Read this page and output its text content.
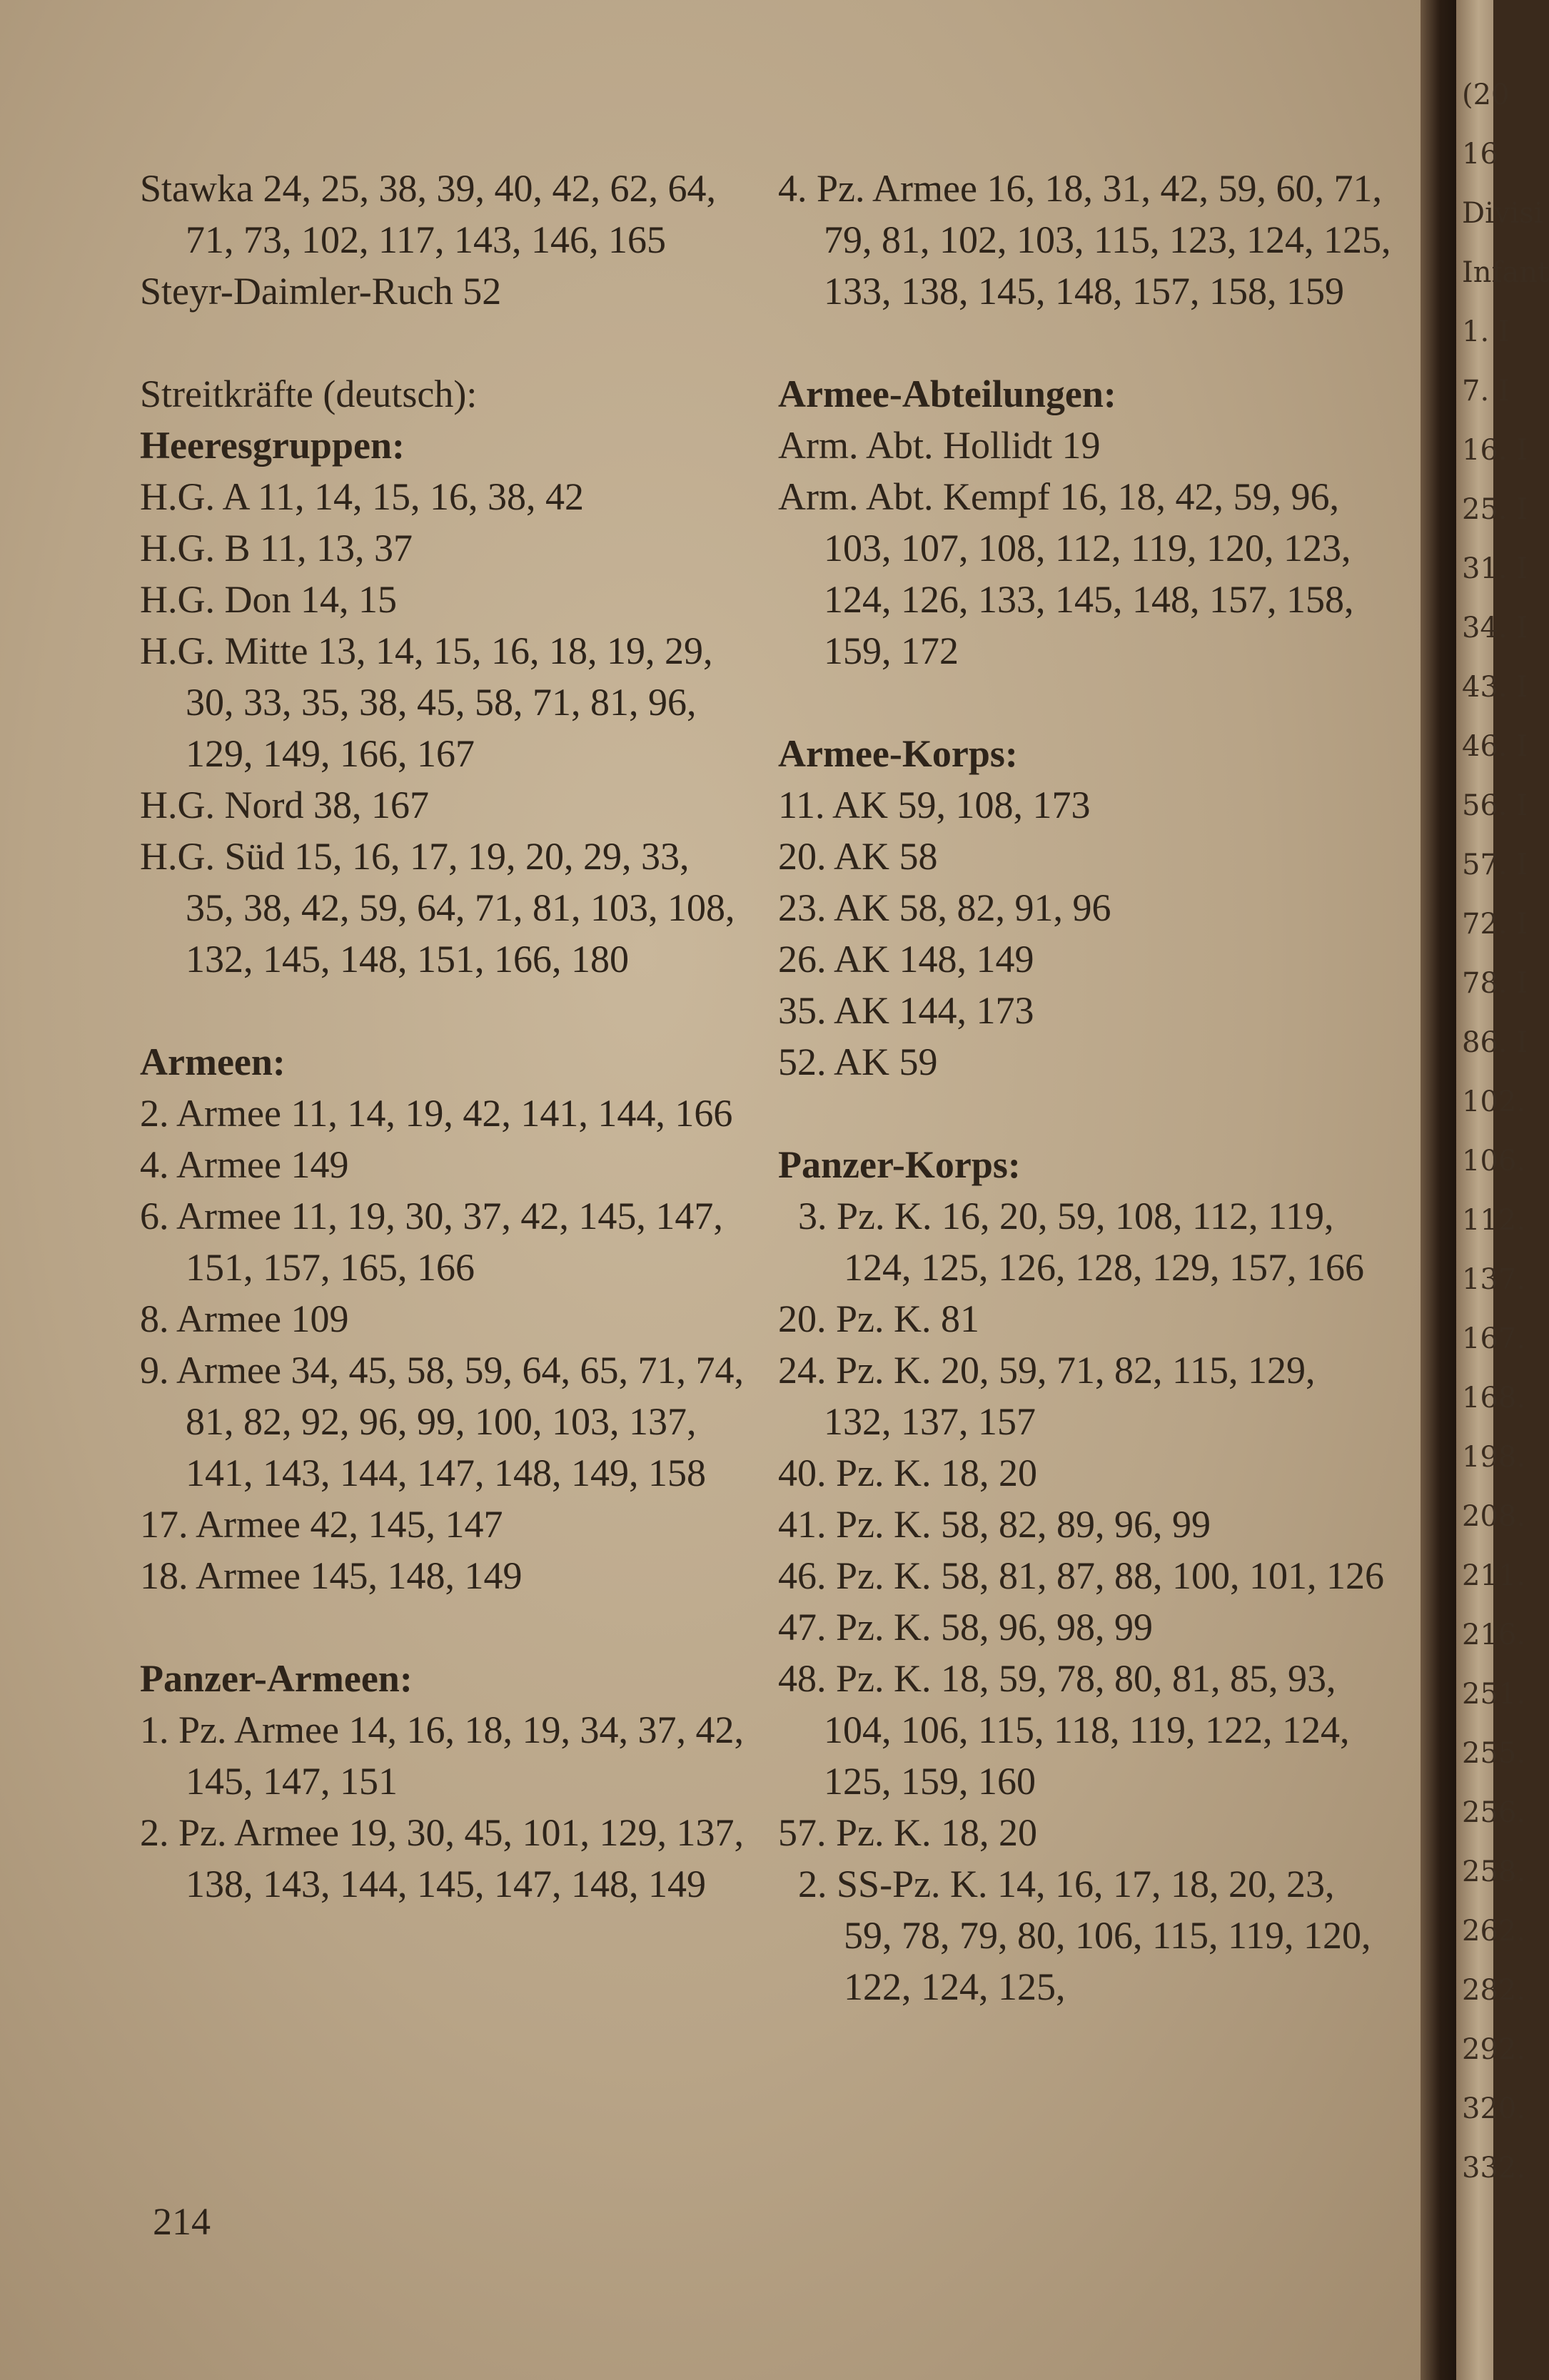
Stawka 24, 25, 38, 39, 40, 42, 62, 64, 71, 73, 102, 117, 143, 146, 165

Steyr-Daimler-Ruch 52

Streitkräfte (deutsch):

Heeresgruppen:

H.G. A 11, 14, 15, 16, 38, 42

H.G. B 11, 13, 37

H.G. Don 14, 15

H.G. Mitte 13, 14, 15, 16, 18, 19, 29, 30, 33, 35, 38, 45, 58, 71, 81, 96, 129, 149, 166, 167

H.G. Nord 38, 167

H.G. Süd 15, 16, 17, 19, 20, 29, 33, 35, 38, 42, 59, 64, 71, 81, 103, 108, 132, 145, 148, 151, 166, 180

Armeen:

2. Armee 11, 14, 19, 42, 141, 144, 166

4. Armee 149

6. Armee 11, 19, 30, 37, 42, 145, 147, 151, 157, 165, 166

8. Armee 109

9. Armee 34, 45, 58, 59, 64, 65, 71, 74, 81, 82, 92, 96, 99, 100, 103, 137, 141, 143, 144, 147, 148, 149, 158

17. Armee 42, 145, 147

18. Armee 145, 148, 149

Panzer-Armeen:

1. Pz. Armee 14, 16, 18, 19, 34, 37, 42, 145, 147, 151

2. Pz. Armee 19, 30, 45, 101, 129, 137, 138, 143, 144, 145, 147, 148, 149

4. Pz. Armee 16, 18, 31, 42, 59, 60, 71, 79, 81, 102, 103, 115, 123, 124, 125, 133, 138, 145, 148, 157, 158, 159

Armee-Abteilungen:

Arm. Abt. Hollidt 19

Arm. Abt. Kempf 16, 18, 42, 59, 96, 103, 107, 108, 112, 119, 120, 123, 124, 126, 133, 145, 148, 157, 158, 159, 172

Armee-Korps:

11. AK 59, 108, 173

20. AK 58

23. AK 58, 82, 91, 96

26. AK 148, 149

35. AK 144, 173

52. AK 59

Panzer-Korps:

3. Pz. K. 16, 20, 59, 108, 112, 119, 124, 125, 126, 128, 129, 157, 166

20. Pz. K. 81

24. Pz. K. 20, 59, 71, 82, 115, 129, 132, 137, 157

40. Pz. K. 18, 20

41. Pz. K. 58, 82, 89, 96, 99

46. Pz. K. 58, 81, 87, 88, 100, 101, 126

47. Pz. K. 58, 96, 98, 99

48. Pz. K. 18, 59, 78, 80, 81, 85, 93, 104, 106, 115, 118, 119, 122, 124, 125, 159, 160

57. Pz. K. 18, 20

2. SS-Pz. K. 14, 16, 17, 18, 20, 23, 59, 78, 79, 80, 106, 115, 119, 120, 122, 124, 125,

214
(20
16
Divisi
Infant
1. I
7. I
16. I
25. I
31. I
34. I
43. I
46. I
56. I
57. I
72. I
78. I
86. I
102.
106.
112.
137.
167.
168.
198.
208.
211.
216.
251.
255.
256.
258.
262.
282.
292.
320.
332.
